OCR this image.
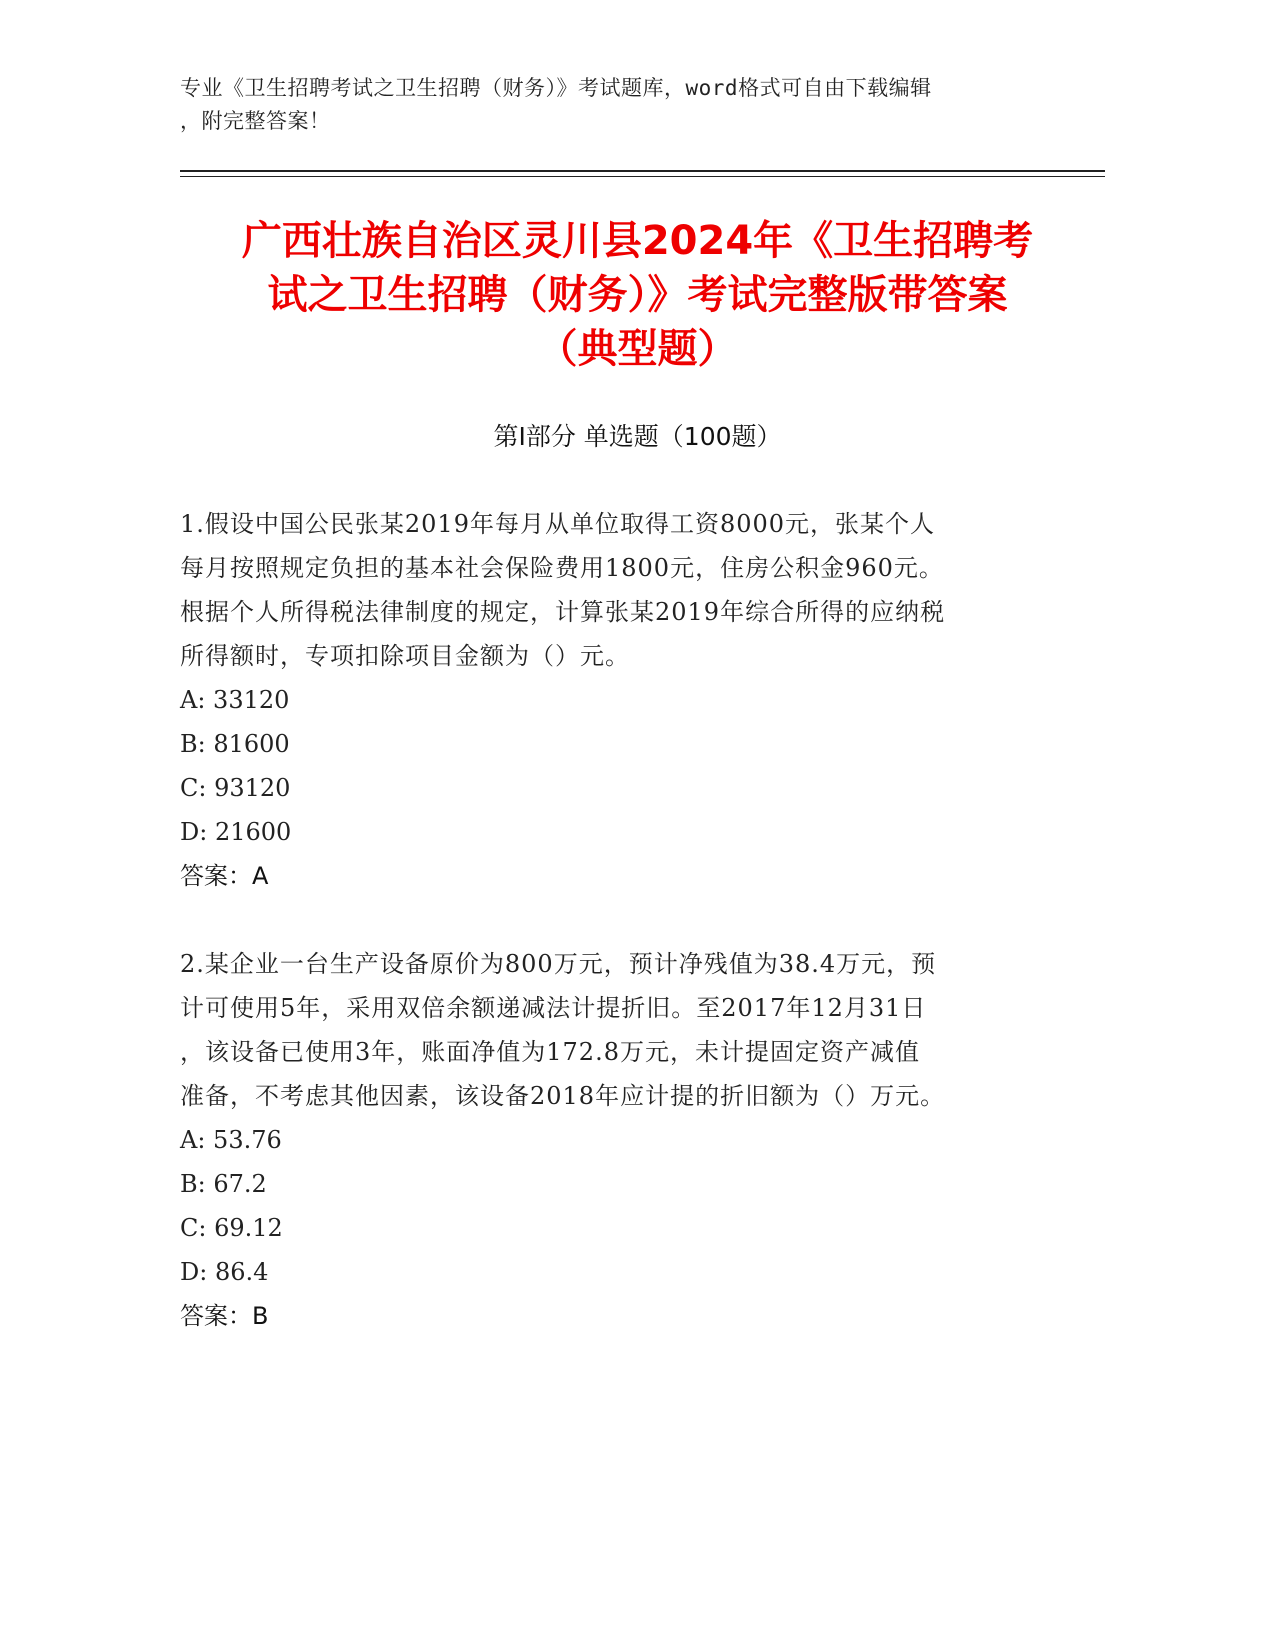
专业《卫生招聘考试之卫生招聘（财务）》考试题库，word格式可自由下载编辑
，附完整答案！
广西壮族自治区灵川县2024年《卫生招聘考
试之卫生招聘（财务）》考试完整版带答案
（典型题）
第Ⅰ部分 单选题（100题）
1.假设中国公民张某2019年每月从单位取得工资8000元，张某个人
每月按照规定负担的基本社会保险费用1800元，住房公积金960元。
根据个人所得税法律制度的规定，计算张某2019年综合所得的应纳税
所得额时，专项扣除项目金额为（）元。
A: 33120
B: 81600
C: 93120
D: 21600
答案：A
2.某企业一台生产设备原价为800万元，预计净残值为38.4万元，预
计可使用5年，采用双倍余额递减法计提折旧。至2017年12月31日
，该设备已使用3年，账面净值为172.8万元，未计提固定资产减值
准备，不考虑其他因素，该设备2018年应计提的折旧额为（）万元。
A: 53.76
B: 67.2
C: 69.12
D: 86.4
答案：B
